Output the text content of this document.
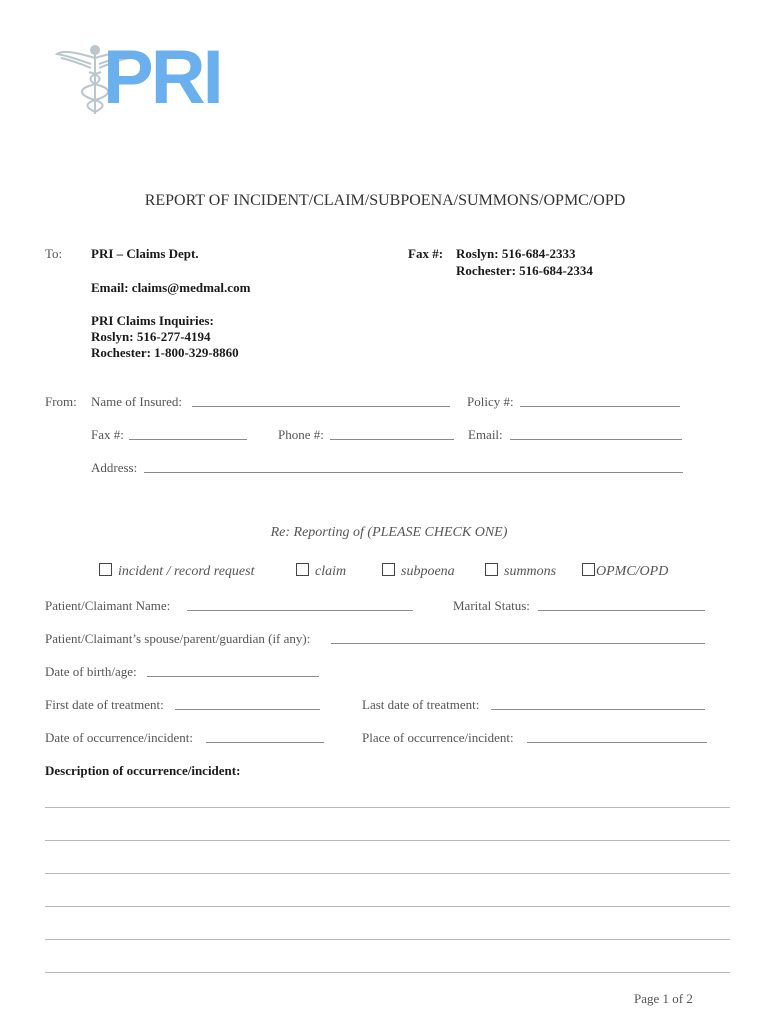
PRI
REPORT OF INCIDENT/CLAIM/SUBPOENA/SUMMONS/OPMC/OPD
To: PRI – Claims Dept.	Fax #: Roslyn: 516-684-2333
Rochester: 516-684-2334
Email: claims@medmal.com
PRI Claims Inquiries:
Roslyn: 516-277-4194
Rochester: 1-800-329-8860
From: Name of Insured:	Policy #:
Fax #:	Phone #:	Email:
Address:
Re: Reporting of (PLEASE CHECK ONE)
incident / record request	claim	subpoena	summons	OPMC/OPD
Patient/Claimant Name:	Marital Status:
Patient/Claimant’s spouse/parent/guardian (if any):
Date of birth/age:
First date of treatment:	Last date of treatment:
Date of occurrence/incident:	Place of occurrence/incident:
Description of occurrence/incident:
Page 1 of 2
